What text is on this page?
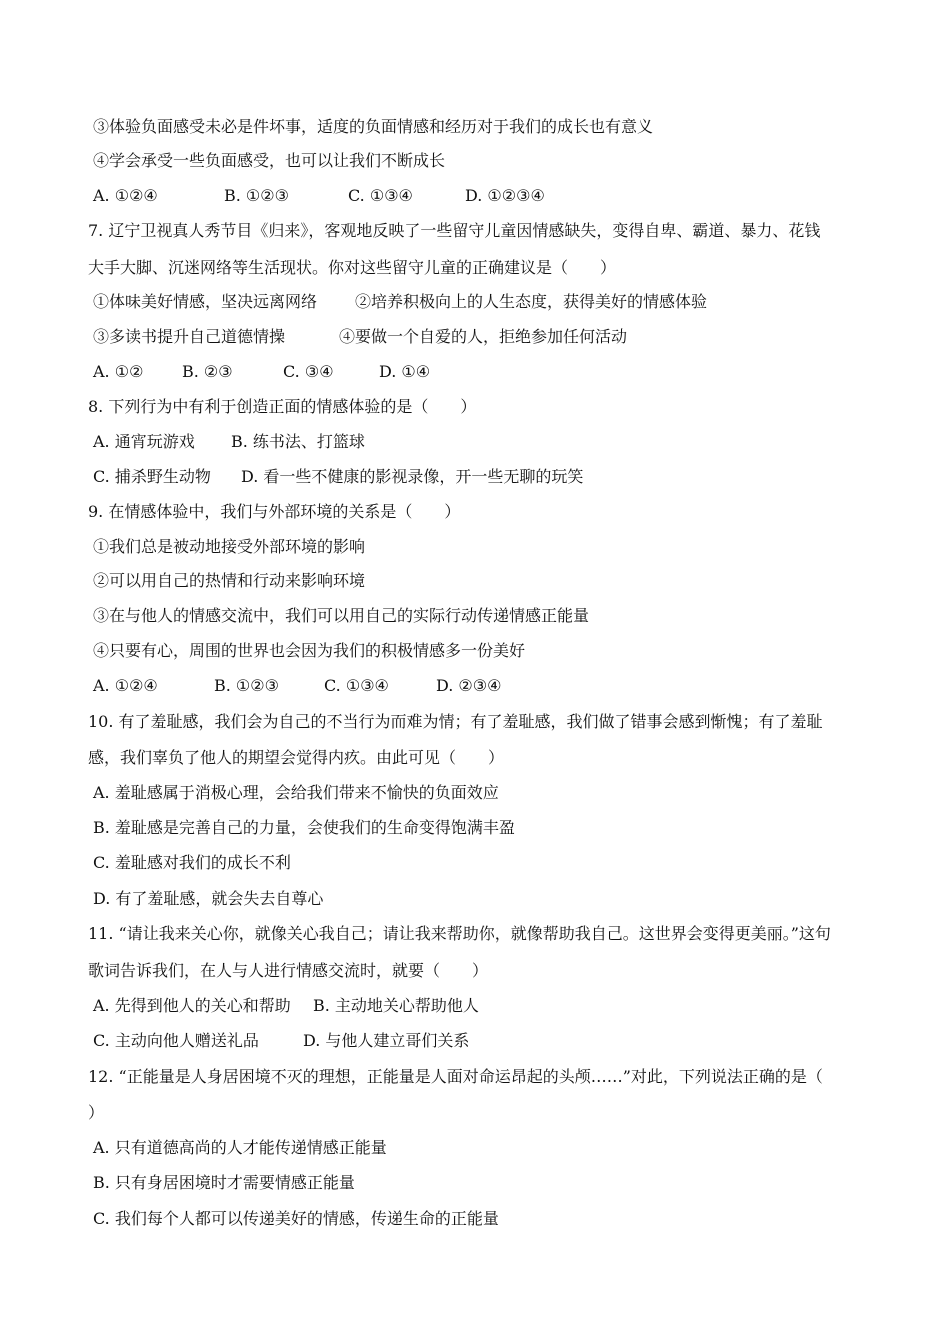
③体验负面感受未必是件坏事，适度的负面情感和经历对于我们的成长也有意义
④学会承受一些负面感受，也可以让我们不断成长
A. ①②④	B. ①②③	C. ①③④	D. ①②③④
7. 辽宁卫视真人秀节目《归来》，客观地反映了一些留守儿童因情感缺失，变得自卑、霸道、暴力、花钱
大手大脚、沉迷网络等生活现状。你对这些留守儿童的正确建议是（　　）
①体味美好情感，坚决远离网络 ②培养积极向上的人生态度，获得美好的情感体验
③多读书提升自己道德情操	④要做一个自爱的人，拒绝参加任何活动
A. ①② B. ②③	C. ③④	D. ①④
8. 下列行为中有利于创造正面的情感体验的是（　　）
A. 通宵玩游戏 B. 练书法、打篮球
C. 捕杀野生动物 D. 看一些不健康的影视录像，开一些无聊的玩笑
9. 在情感体验中，我们与外部环境的关系是（　　）
①我们总是被动地接受外部环境的影响
②可以用自己的热情和行动来影响环境
③在与他人的情感交流中，我们可以用自己的实际行动传递情感正能量
④只要有心，周围的世界也会因为我们的积极情感多一份美好
A. ①②④	B. ①②③	C. ①③④	D. ②③④
10. 有了羞耻感，我们会为自己的不当行为而难为情；有了羞耻感，我们做了错事会感到惭愧；有了羞耻
感，我们辜负了他人的期望会觉得内疚。由此可见（　　）
A. 羞耻感属于消极心理，会给我们带来不愉快的负面效应
B. 羞耻感是完善自己的力量，会使我们的生命变得饱满丰盈
C. 羞耻感对我们的成长不利
D. 有了羞耻感，就会失去自尊心
11. “请让我来关心你，就像关心我自己；请让我来帮助你，就像帮助我自己。这世界会变得更美丽。”这句
歌词告诉我们，在人与人进行情感交流时，就要（　　）
A. 先得到他人的关心和帮助 B. 主动地关心帮助他人
C. 主动向他人赠送礼品	D. 与他人建立哥们关系
12. “正能量是人身居困境不灭的理想，正能量是人面对命运昂起的头颅……”对此，下列说法正确的是（
）
A. 只有道德高尚的人才能传递情感正能量
B. 只有身居困境时才需要情感正能量
C. 我们每个人都可以传递美好的情感，传递生命的正能量
